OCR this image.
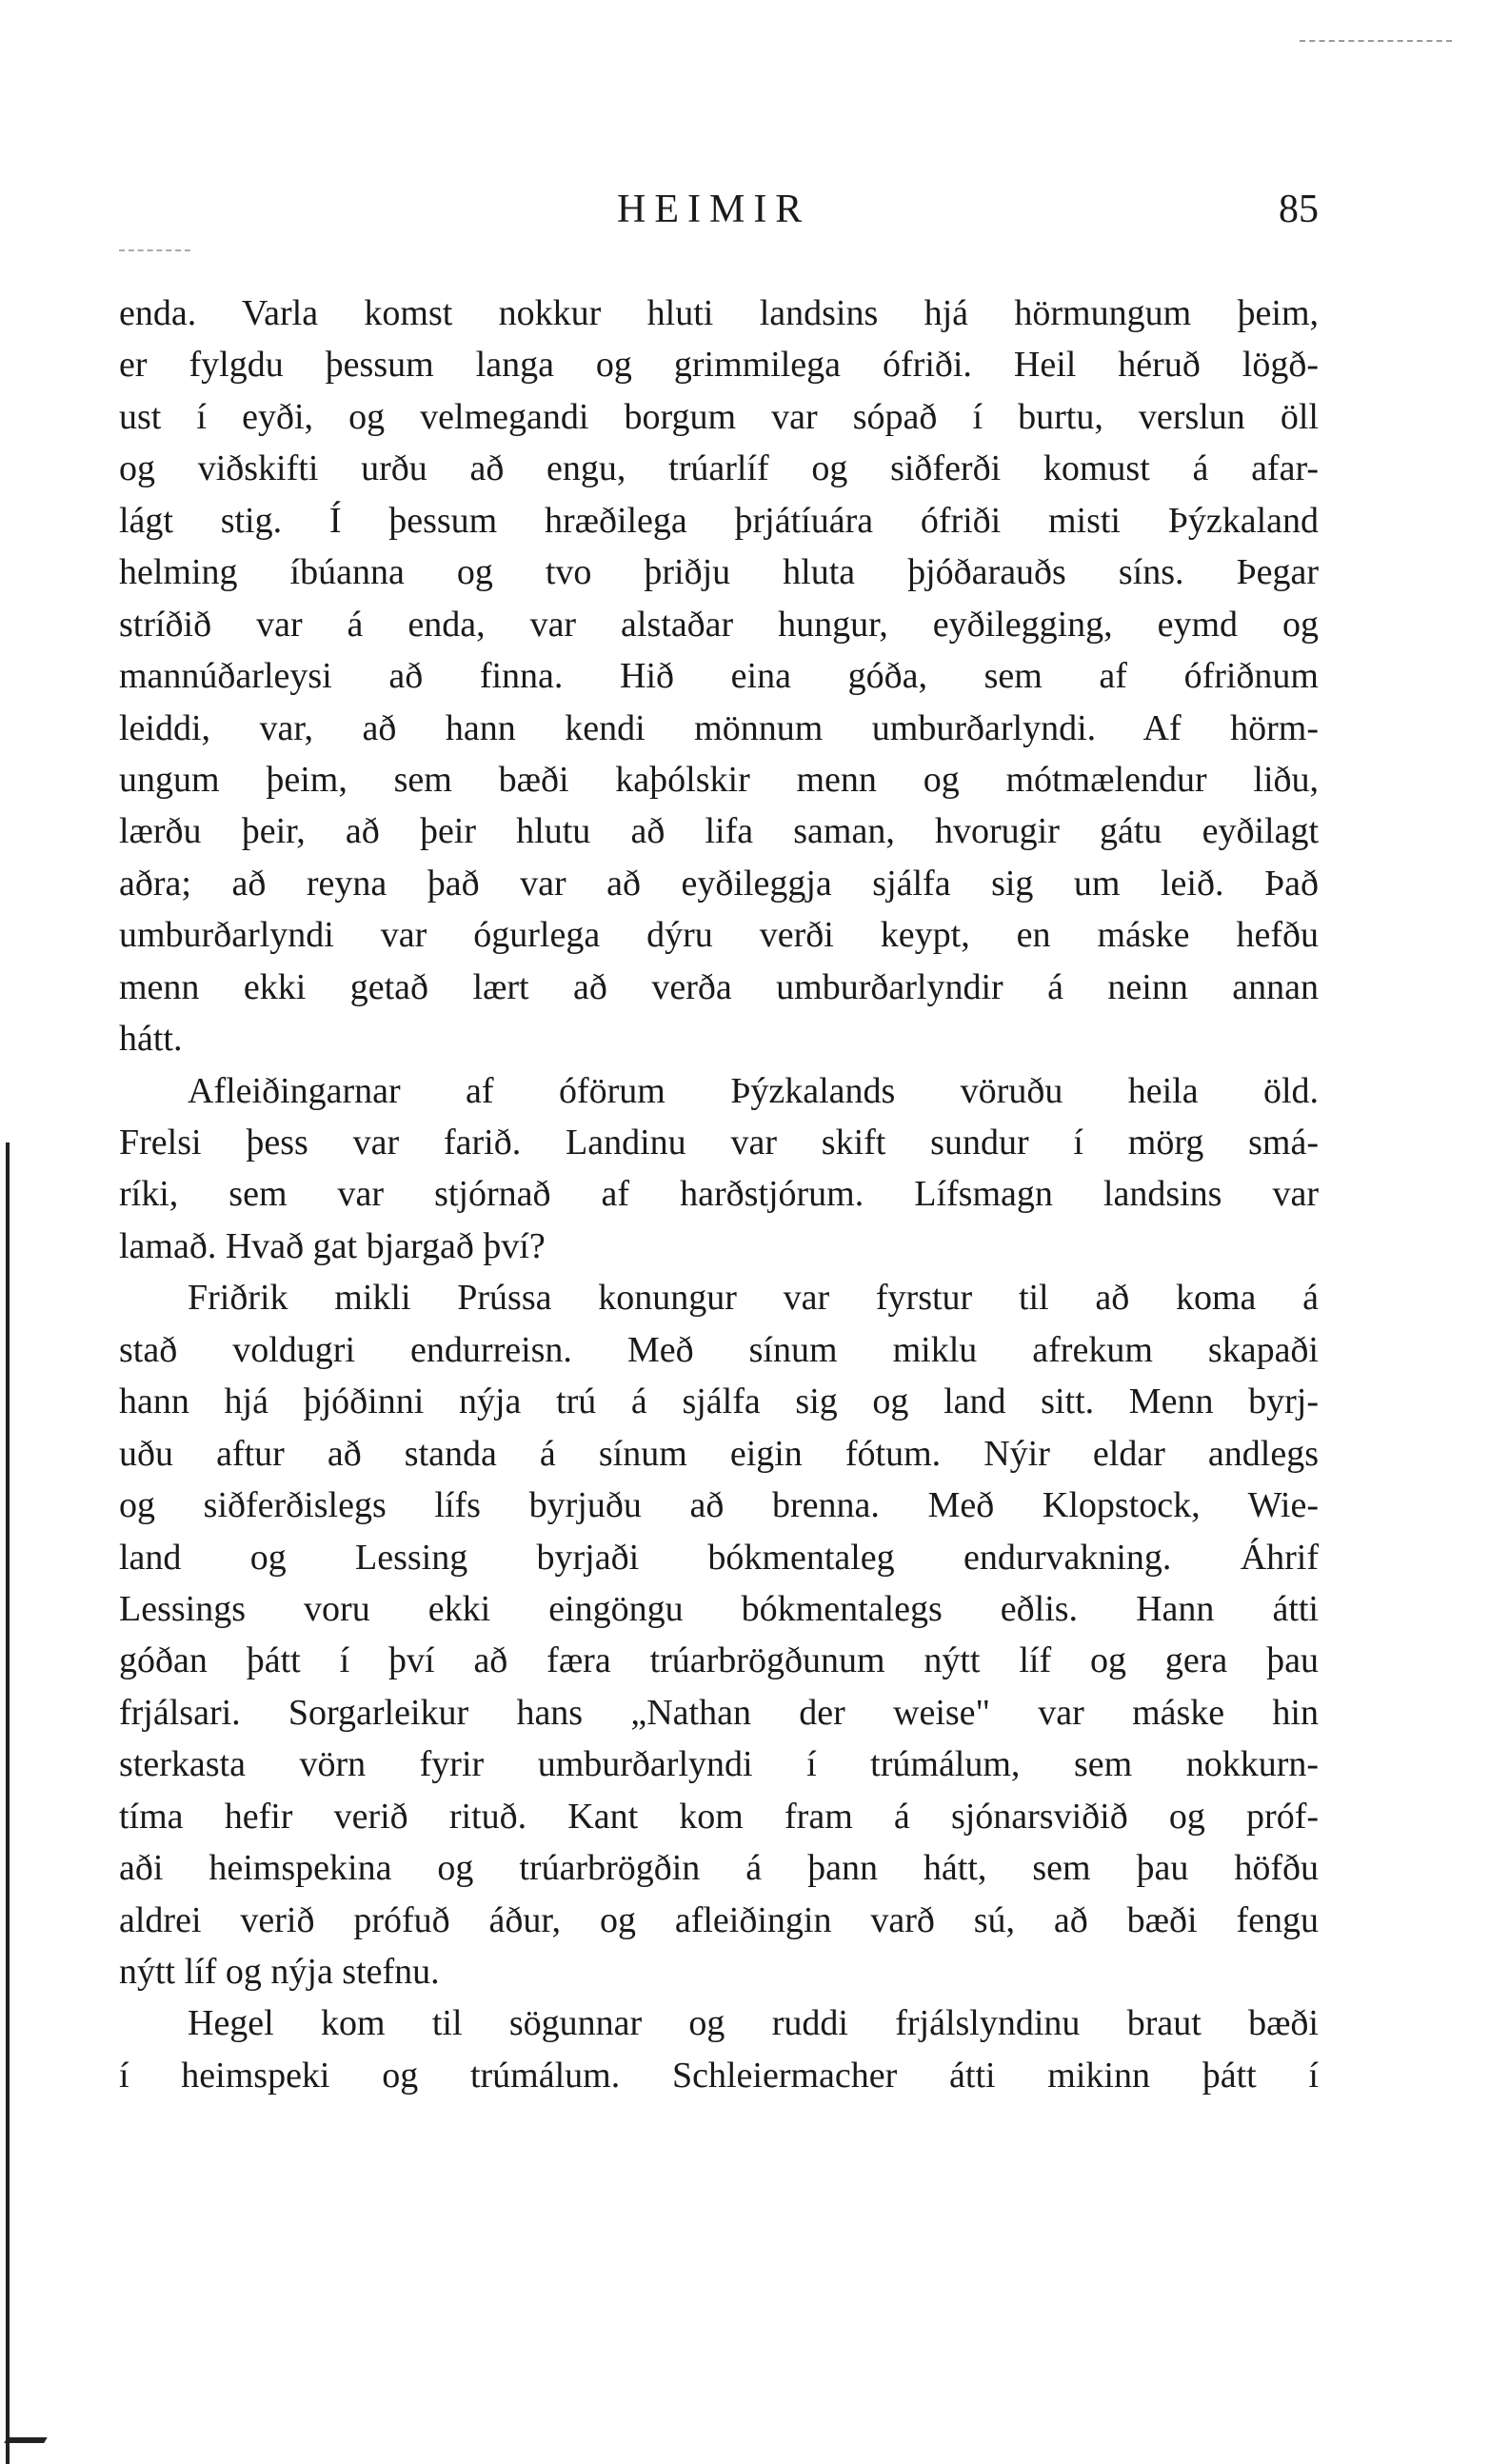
HEIMIR	85
enda. Varla komst nokkur hluti landsins hjá hörmungum þeim,
er fylgdu þessum langa og grimmilega ófriði. Heil héruð lögð-
ust í eyði, og velmegandi borgum var sópað í burtu, verslun öll
og viðskifti urðu að engu, trúarlíf og siðferði komust á afar-
lágt stig. Í þessum hræðilega þrjátíuára ófriði misti Þýzkaland
helming íbúanna og tvo þriðju hluta þjóðarauðs síns. Þegar
stríðið var á enda, var alstaðar hungur, eyðilegging, eymd og
mannúðarleysi að finna. Hið eina góða, sem af ófriðnum
leiddi, var, að hann kendi mönnum umburðarlyndi. Af hörm-
ungum þeim, sem bæði kaþólskir menn og mótmælendur liðu,
lærðu þeir, að þeir hlutu að lifa saman, hvorugir gátu eyðilagt
aðra; að reyna það var að eyðileggja sjálfa sig um leið. Það
umburðarlyndi var ógurlega dýru verði keypt, en máske hefðu
menn ekki getað lært að verða umburðarlyndir á neinn annan
hátt.
Afleiðingarnar af óförum Þýzkalands vöruðu heila öld.
Frelsi þess var farið. Landinu var skift sundur í mörg smá-
ríki, sem var stjórnað af harðstjórum. Lífsmagn landsins var
lamað. Hvað gat bjargað því?
Friðrik mikli Prússa konungur var fyrstur til að koma á
stað voldugri endurreisn. Með sínum miklu afrekum skapaði
hann hjá þjóðinni nýja trú á sjálfa sig og land sitt. Menn byrj-
uðu aftur að standa á sínum eigin fótum. Nýir eldar andlegs
og siðferðislegs lífs byrjuðu að brenna. Með Klopstock, Wie-
land og Lessing byrjaði bókmentaleg endurvakning. Áhrif
Lessings voru ekki eingöngu bókmentalegs eðlis. Hann átti
góðan þátt í því að færa trúarbrögðunum nýtt líf og gera þau
frjálsari. Sorgarleikur hans „Nathan der weise" var máske hin
sterkasta vörn fyrir umburðarlyndi í trúmálum, sem nokkurn-
tíma hefir verið rituð. Kant kom fram á sjónarsviðið og próf-
aði heimspekina og trúarbrögðin á þann hátt, sem þau höfðu
aldrei verið prófuð áður, og afleiðingin varð sú, að bæði fengu
nýtt líf og nýja stefnu.
Hegel kom til sögunnar og ruddi frjálslyndinu braut bæði
í heimspeki og trúmálum. Schleiermacher átti mikinn þátt í
